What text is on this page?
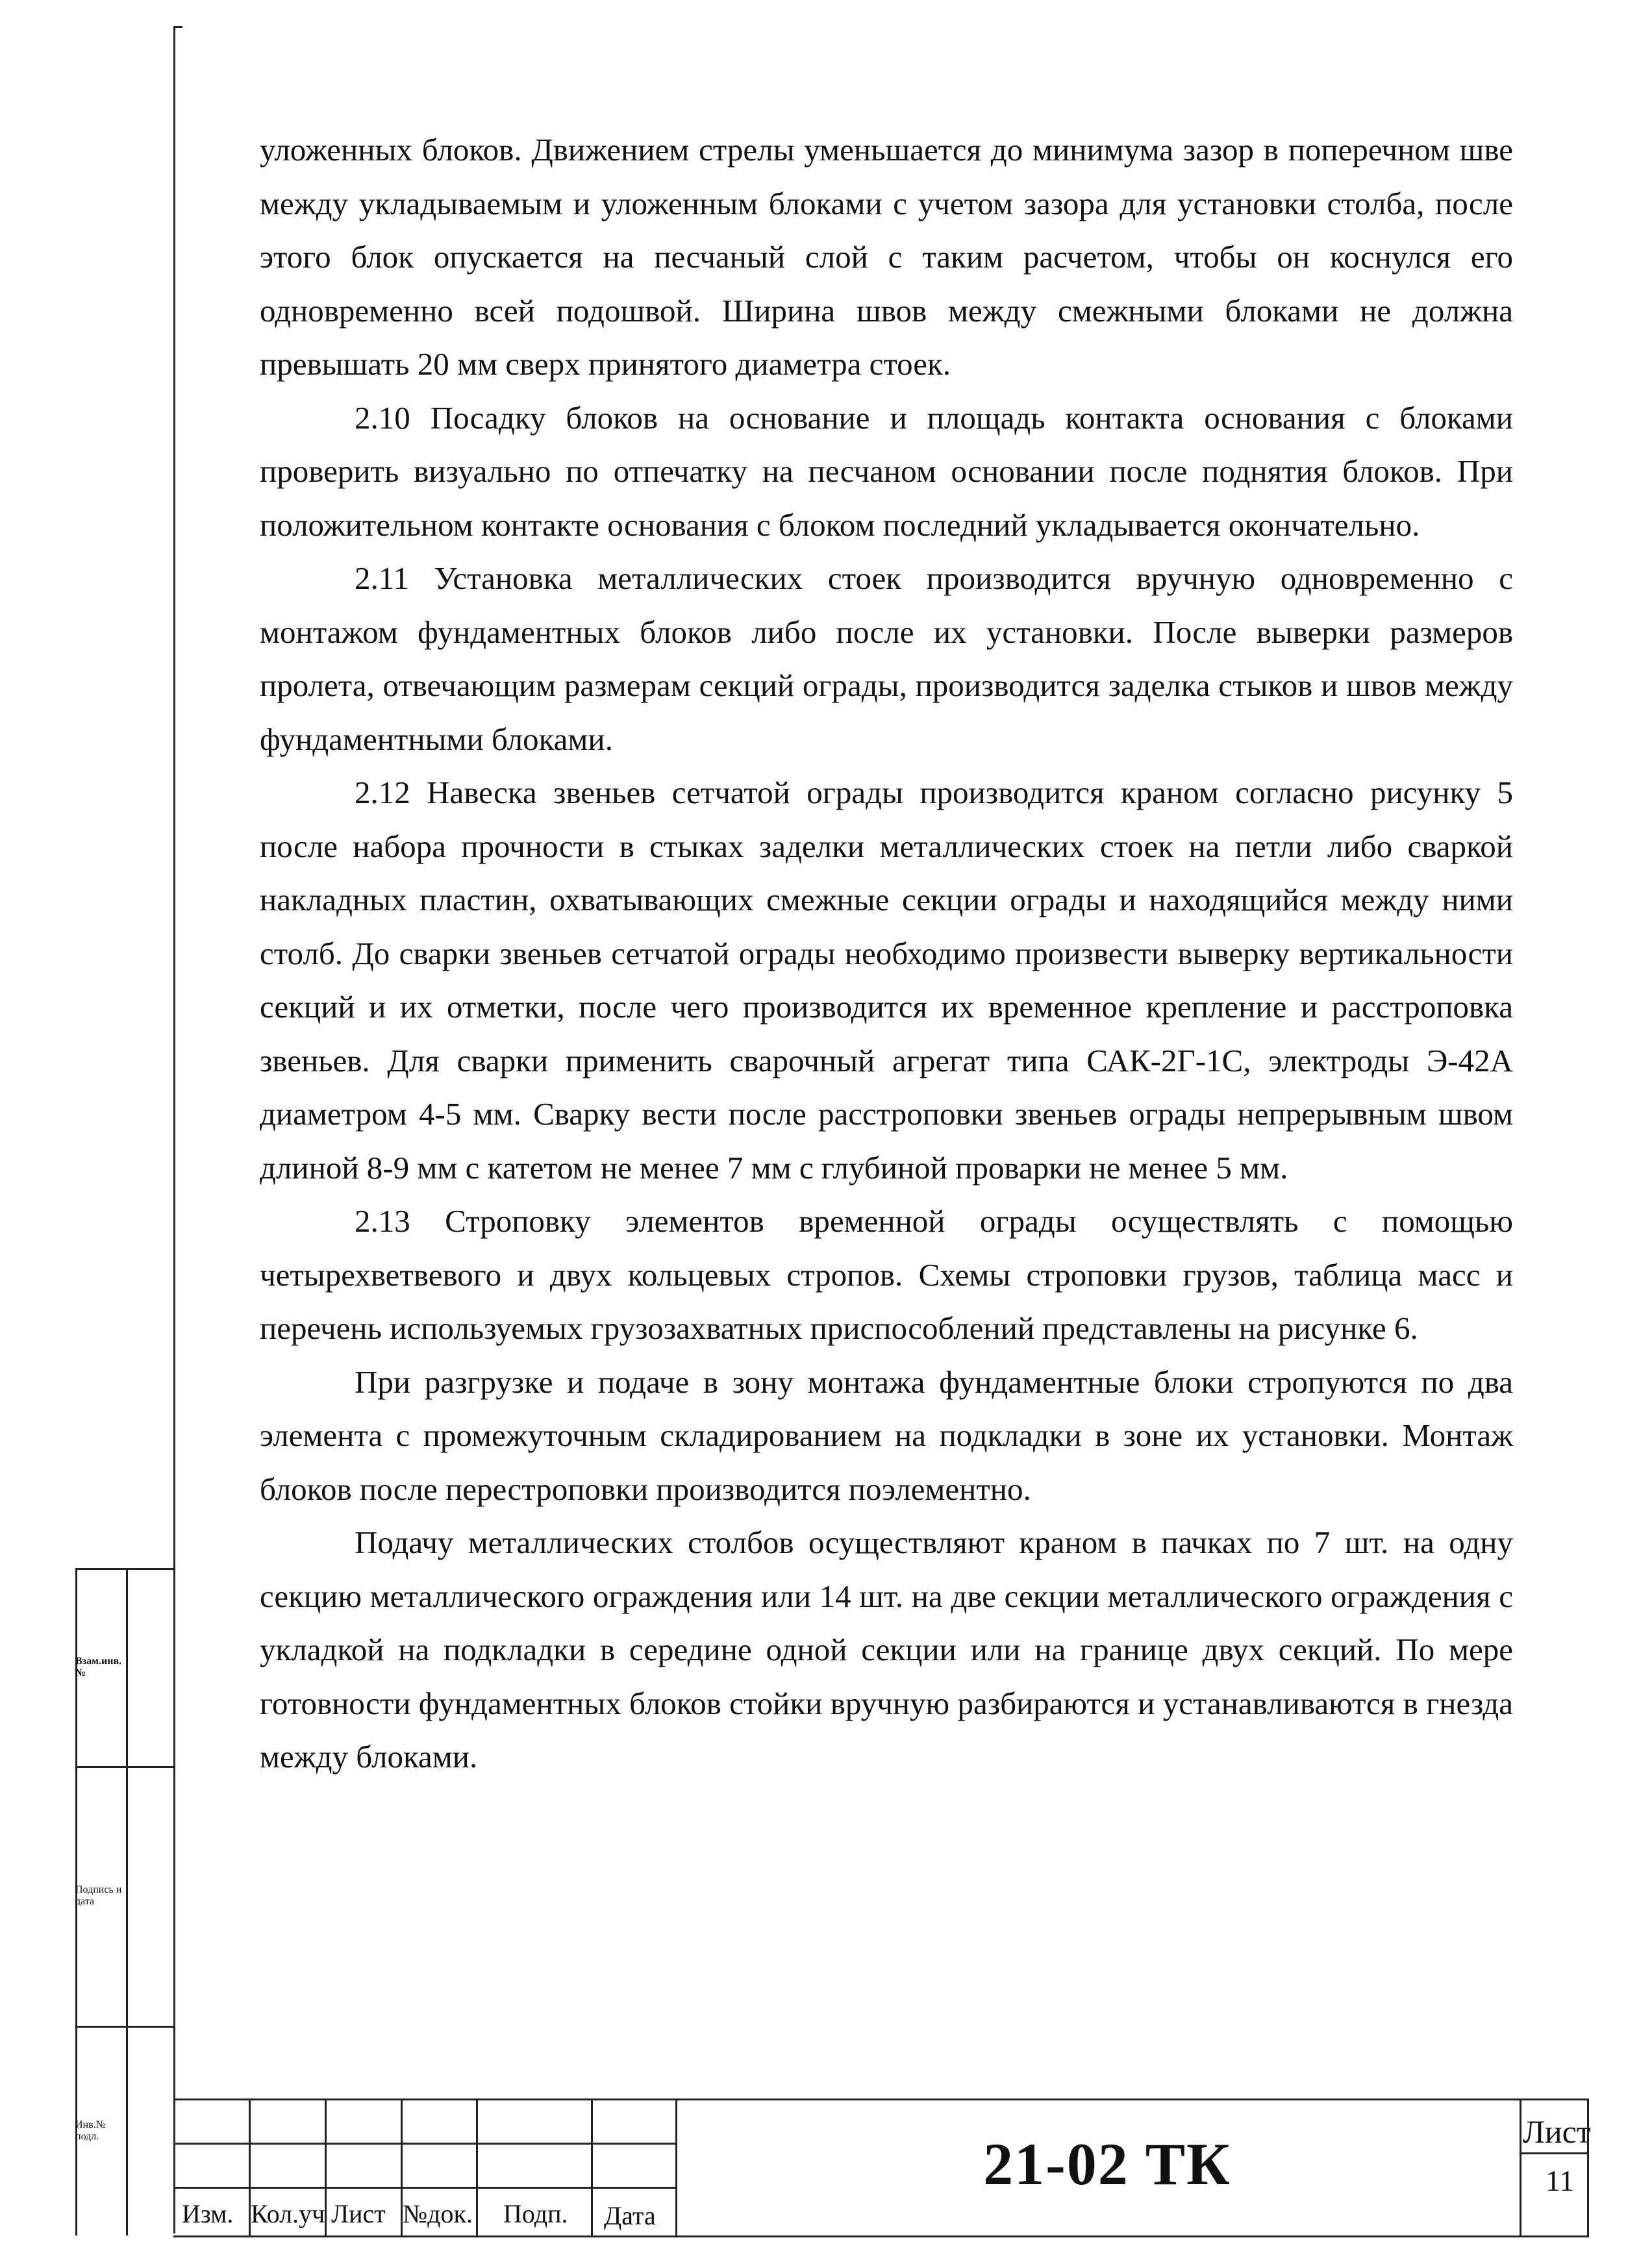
уложенных блоков. Движением стрелы уменьшается до минимума зазор в поперечном шве между укладываемым и уложенным блоками с учетом зазора для установки столба, после этого блок опускается на песчаный слой с таким расчетом, чтобы он коснулся его одновременно всей подошвой. Ширина швов между смежными блоками не должна превышать 20 мм сверх принятого диаметра стоек.

2.10 Посадку блоков на основание и площадь контакта основания с блоками проверить визуально по отпечатку на песчаном основании после поднятия блоков. При положительном контакте основания с блоком последний укладывается окончательно.

2.11 Установка металлических стоек производится вручную одновременно с монтажом фундаментных блоков либо после их установки. После выверки размеров пролета, отвечающим размерам секций ограды, производится заделка стыков и швов между фундаментными блоками.

2.12 Навеска звеньев сетчатой ограды производится краном согласно рисунку 5 после набора прочности в стыках заделки металлических стоек на петли либо сваркой накладных пластин, охватывающих смежные секции ограды и находящийся между ними столб. До сварки звеньев сетчатой ограды необходимо произвести выверку вертикальности секций и их отметки, после чего производится их временное крепление и расстроповка звеньев. Для сварки применить сварочный агрегат типа САК-2Г-1С, электроды Э-42А диаметром 4-5 мм. Сварку вести после расстроповки звеньев ограды непрерывным швом длиной 8-9 мм с катетом не менее 7 мм с глубиной проварки не менее 5 мм.

2.13 Строповку элементов временной ограды осуществлять с помощью четырехветвевого и двух кольцевых стропов. Схемы строповки грузов, таблица масс и перечень используемых грузозахватных приспособлений представлены на рисунке 6.

При разгрузке и подаче в зону монтажа фундаментные блоки стропуются по два элемента с промежуточным складированием на подкладки в зоне их установки. Монтаж блоков после перестроповки производится поэлементно.

Подачу металлических столбов осуществляют краном в пачках по 7 шт. на одну секцию металлического ограждения или 14 шт. на две секции металлического ограждения с укладкой на подкладки в середине одной секции или на границе двух секций. По мере готовности фундаментных блоков стойки вручную разбираются и устанавливаются в гнезда между блоками.

Взам.инв. №
Подпись и дата
Инв.№ подл.
Изм. Кол.уч Лист №док. Подп. Дата
21-02 ТК	Лист
11
